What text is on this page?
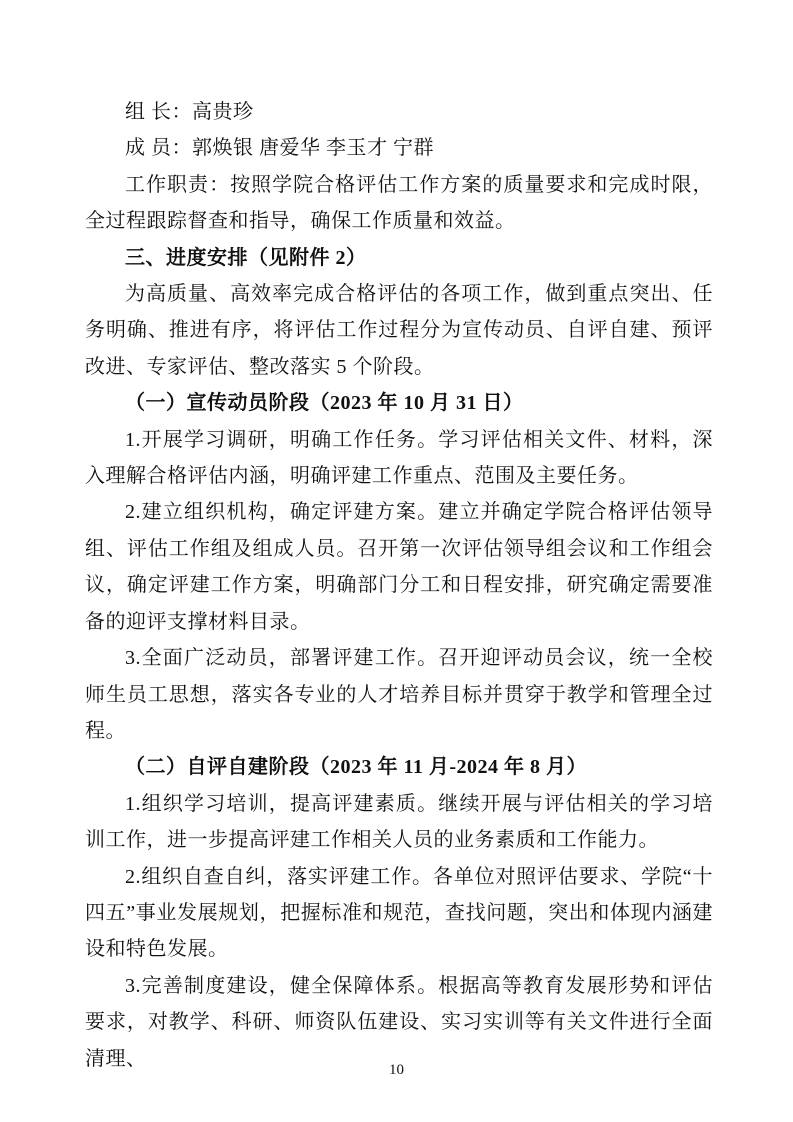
组 长：高贵珍

成 员：郭焕银 唐爱华 李玉才 宁群

工作职责：按照学院合格评估工作方案的质量要求和完成时限，全过程跟踪督查和指导，确保工作质量和效益。

三、进度安排（见附件 2）

为高质量、高效率完成合格评估的各项工作，做到重点突出、任务明确、推进有序，将评估工作过程分为宣传动员、自评自建、预评改进、专家评估、整改落实 5 个阶段。

（一）宣传动员阶段（2023 年 10 月 31 日）

1.开展学习调研，明确工作任务。学习评估相关文件、材料，深入理解合格评估内涵，明确评建工作重点、范围及主要任务。

2.建立组织机构，确定评建方案。建立并确定学院合格评估领导组、评估工作组及组成人员。召开第一次评估领导组会议和工作组会议，确定评建工作方案，明确部门分工和日程安排，研究确定需要准备的迎评支撑材料目录。

3.全面广泛动员，部署评建工作。召开迎评动员会议，统一全校师生员工思想，落实各专业的人才培养目标并贯穿于教学和管理全过程。

（二）自评自建阶段（2023 年 11 月-2024 年 8 月）

1.组织学习培训，提高评建素质。继续开展与评估相关的学习培训工作，进一步提高评建工作相关人员的业务素质和工作能力。

2.组织自查自纠，落实评建工作。各单位对照评估要求、学院“十四五”事业发展规划，把握标准和规范，查找问题，突出和体现内涵建设和特色发展。

3.完善制度建设，健全保障体系。根据高等教育发展形势和评估要求，对教学、科研、师资队伍建设、实习实训等有关文件进行全面清理、

10
